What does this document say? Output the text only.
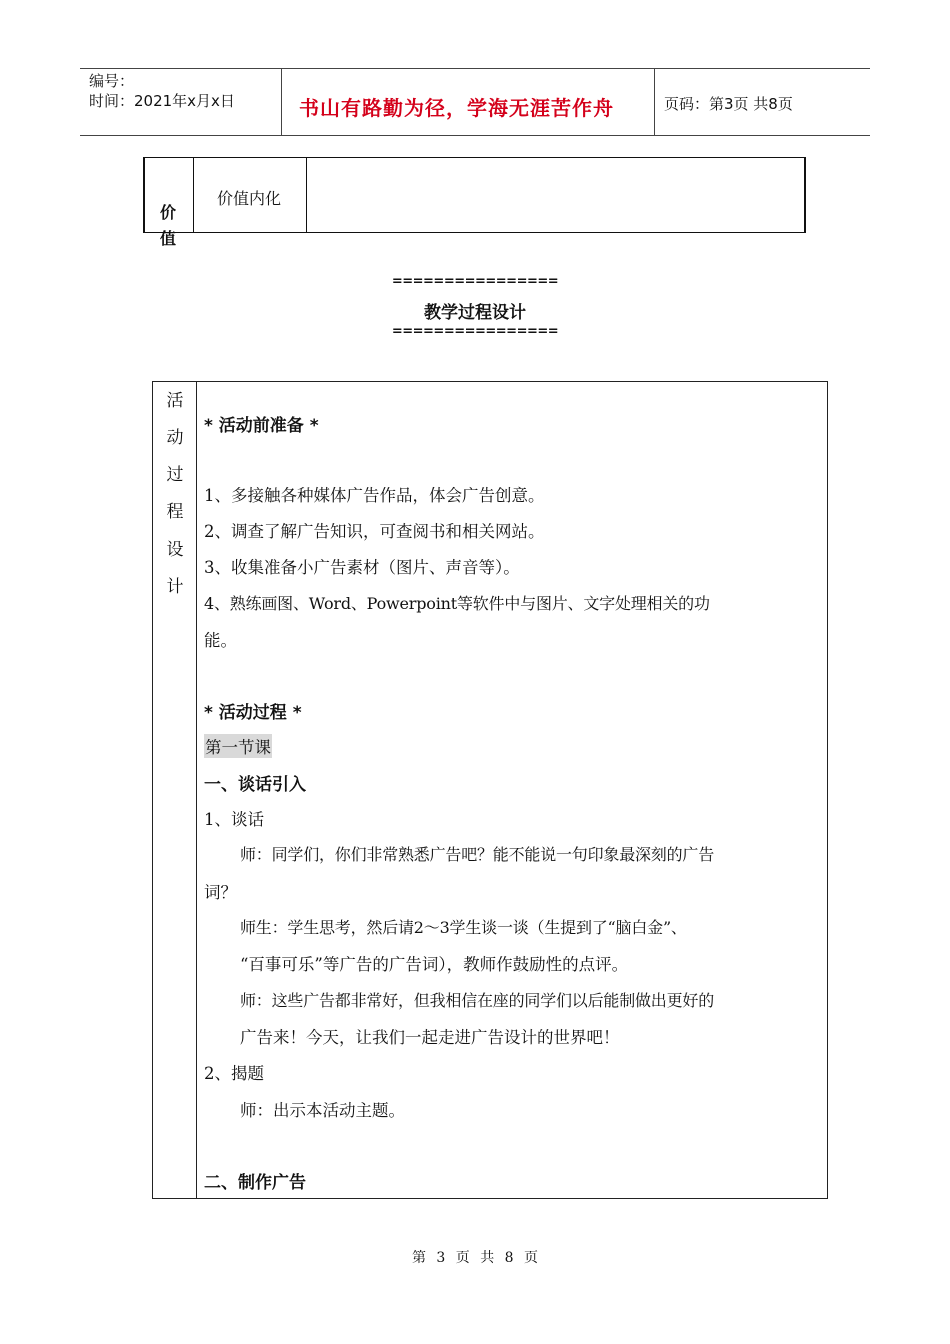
编号：
时间：2021年x月x日	书山有路勤为径，学海无涯苦作舟	页码：第3页 共8页
价
值
价值内化
================
教学过程设计
================
活
动
过
程
设
计
* 活动前准备 *
1、多接触各种媒体广告作品，体会广告创意。
2、调查了解广告知识，可查阅书和相关网站。
3、收集准备小广告素材（图片、声音等）。
4、熟练画图、Word、Powerpoint等软件中与图片、文字处理相关的功
能。
* 活动过程 *
第一节课
一、谈话引入
1、谈话
师：同学们，你们非常熟悉广告吧？能不能说一句印象最深刻的广告
词？
师生：学生思考，然后请2～3学生谈一谈（生提到了“脑白金”、
“百事可乐”等广告的广告词），教师作鼓励性的点评。
师：这些广告都非常好，但我相信在座的同学们以后能制做出更好的
广告来！今天，让我们一起走进广告设计的世界吧！
2、揭题
师：出示本活动主题。
二、制作广告
第 3 页 共 8 页
